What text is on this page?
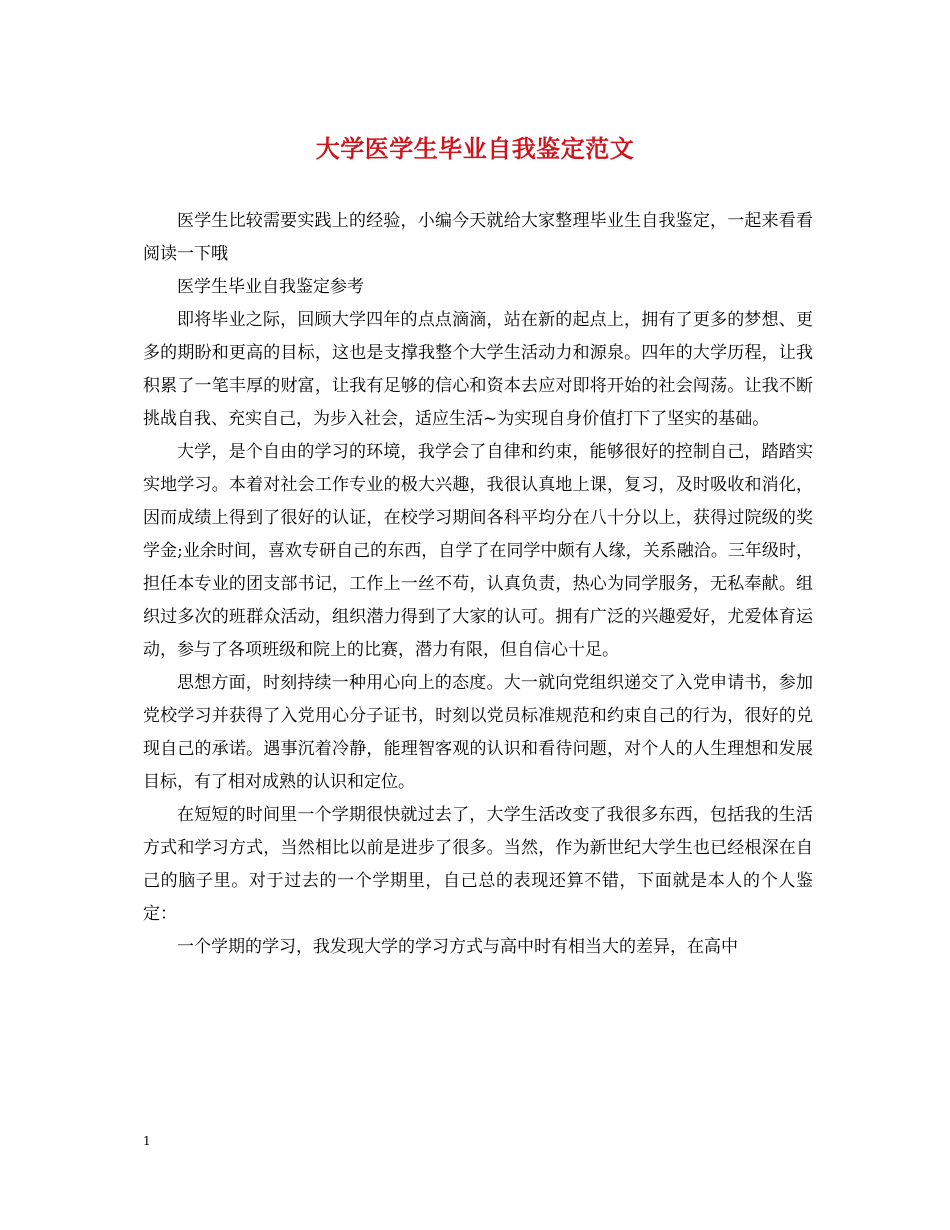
大学医学生毕业自我鉴定范文

医学生比较需要实践上的经验，小编今天就给大家整理毕业生自我鉴定，一起来看看阅读一下哦

医学生毕业自我鉴定参考

即将毕业之际，回顾大学四年的点点滴滴，站在新的起点上，拥有了更多的梦想、更多的期盼和更高的目标，这也是支撑我整个大学生活动力和源泉。四年的大学历程，让我积累了一笔丰厚的财富，让我有足够的信心和资本去应对即将开始的社会闯荡。让我不断挑战自我、充实自己，为步入社会，适应生活~为实现自身价值打下了坚实的基础。

大学，是个自由的学习的环境，我学会了自律和约束，能够很好的控制自己，踏踏实实地学习。本着对社会工作专业的极大兴趣，我很认真地上课，复习，及时吸收和消化，因而成绩上得到了很好的认证，在校学习期间各科平均分在八十分以上，获得过院级的奖学金;业余时间，喜欢专研自己的东西，自学了在同学中颇有人缘，关系融洽。三年级时，担任本专业的团支部书记，工作上一丝不苟，认真负责，热心为同学服务，无私奉献。组织过多次的班群众活动，组织潜力得到了大家的认可。拥有广泛的兴趣爱好，尤爱体育运动，参与了各项班级和院上的比赛，潜力有限，但自信心十足。

思想方面，时刻持续一种用心向上的态度。大一就向党组织递交了入党申请书，参加党校学习并获得了入党用心分子证书，时刻以党员标准规范和约束自己的行为，很好的兑现自己的承诺。遇事沉着冷静，能理智客观的认识和看待问题，对个人的人生理想和发展目标，有了相对成熟的认识和定位。

在短短的时间里一个学期很快就过去了，大学生活改变了我很多东西，包括我的生活方式和学习方式，当然相比以前是进步了很多。当然，作为新世纪大学生也已经根深在自己的脑子里。对于过去的一个学期里，自己总的表现还算不错，下面就是本人的个人鉴定：

一个学期的学习，我发现大学的学习方式与高中时有相当大的差异，在高中

1
